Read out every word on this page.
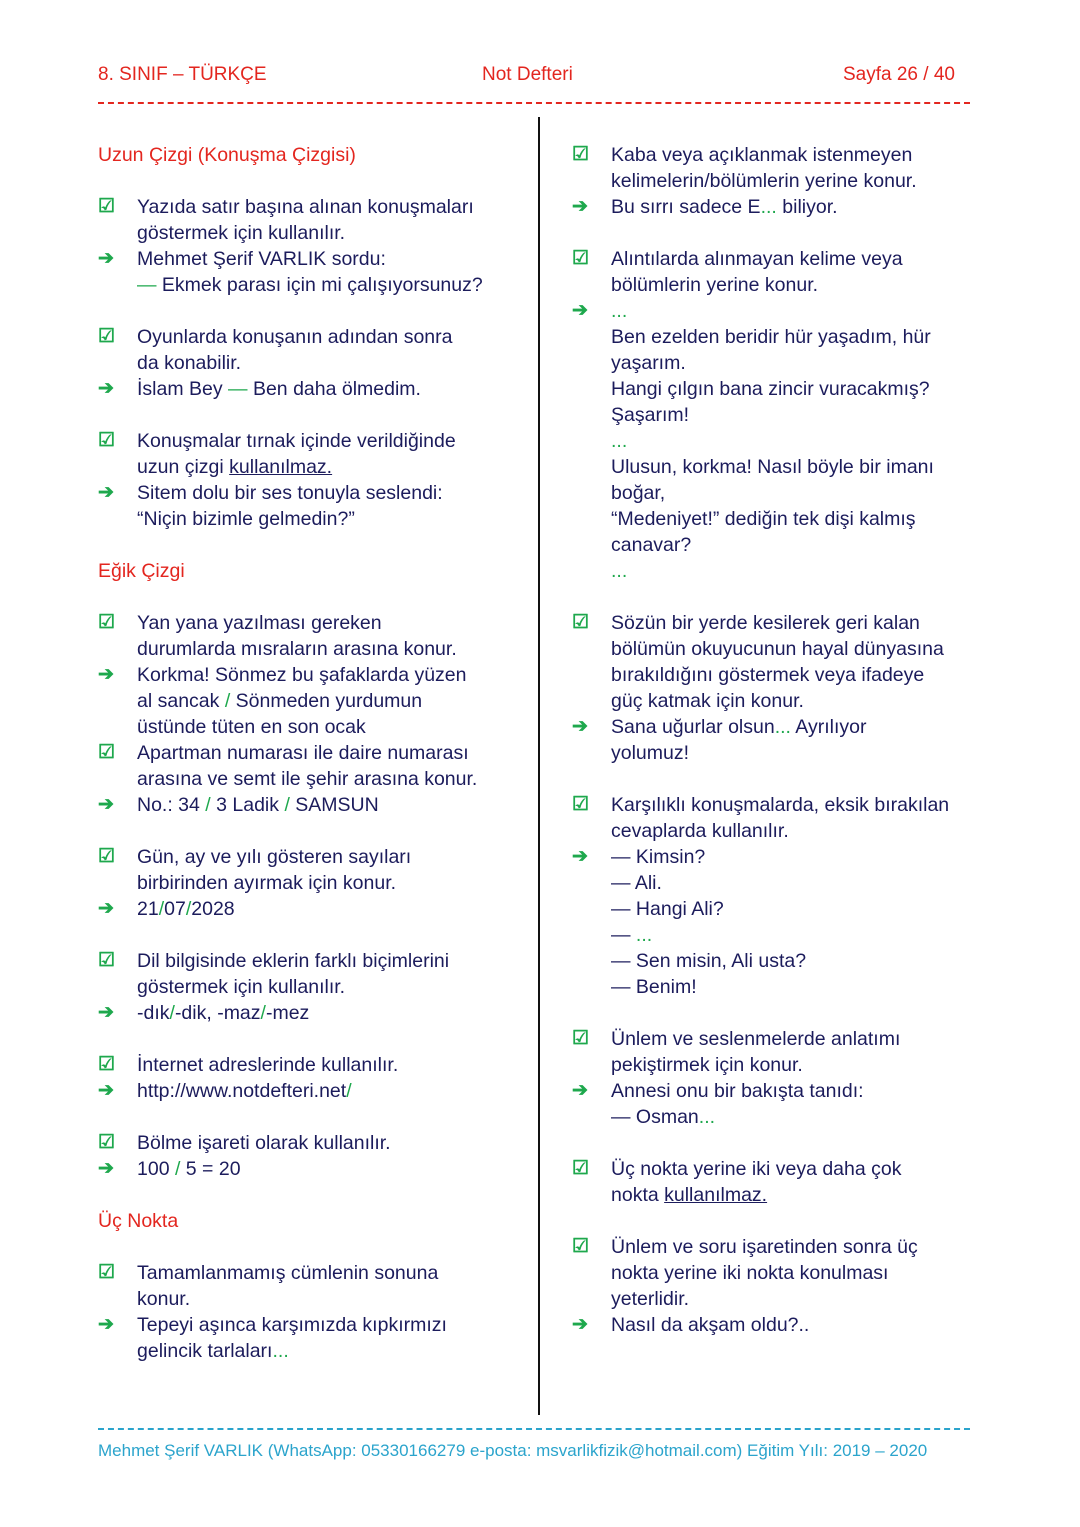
8. SINIF – TÜRKÇE	Not Defteri	Sayfa 26 / 40
Uzun Çizgi (Konuşma Çizgisi)
☑	Yazıda satır başına alınan konuşmaları
göstermek için kullanılır.
➔	Mehmet Şerif VARLIK sordu:
— Ekmek parası için mi çalışıyorsunuz?
☑	Oyunlarda konuşanın adından sonra
da konabilir.
➔	İslam Bey — Ben daha ölmedim.
☑	Konuşmalar tırnak içinde verildiğinde
uzun çizgi kullanılmaz.
➔	Sitem dolu bir ses tonuyla seslendi:
“Niçin bizimle gelmedin?”
Eğik Çizgi
☑	Yan yana yazılması gereken
durumlarda mısraların arasına konur.
➔	Korkma! Sönmez bu şafaklarda yüzen
al sancak / Sönmeden yurdumun
üstünde tüten en son ocak
☑	Apartman numarası ile daire numarası
arasına ve semt ile şehir arasına konur.
➔	No.: 34 / 3 Ladik / SAMSUN
☑	Gün, ay ve yılı gösteren sayıları
birbirinden ayırmak için konur.
➔	21/07/2028
☑	Dil bilgisinde eklerin farklı biçimlerini
göstermek için kullanılır.
➔	-dık/-dik, -maz/-mez
☑	İnternet adreslerinde kullanılır.
➔	http://www.notdefteri.net/
☑	Bölme işareti olarak kullanılır.
➔	100 / 5 = 20
Üç Nokta
☑	Tamamlanmamış cümlenin sonuna
konur.
➔	Tepeyi aşınca karşımızda kıpkırmızı
gelincik tarlaları...
☑	Kaba veya açıklanmak istenmeyen
kelimelerin/bölümlerin yerine konur.
➔	Bu sırrı sadece E... biliyor.
☑	Alıntılarda alınmayan kelime veya
bölümlerin yerine konur.
➔	...
Ben ezelden beridir hür yaşadım, hür
yaşarım.
Hangi çılgın bana zincir vuracakmış?
Şaşarım!
...
Ulusun, korkma! Nasıl böyle bir imanı
boğar,
“Medeniyet!” dediğin tek dişi kalmış
canavar?
...
☑	Sözün bir yerde kesilerek geri kalan
bölümün okuyucunun hayal dünyasına
bırakıldığını göstermek veya ifadeye
güç katmak için konur.
➔	Sana uğurlar olsun... Ayrılıyor
yolumuz!
☑	Karşılıklı konuşmalarda, eksik bırakılan
cevaplarda kullanılır.
➔	— Kimsin?
— Ali.
— Hangi Ali?
— ...
— Sen misin, Ali usta?
— Benim!
☑	Ünlem ve seslenmelerde anlatımı
pekiştirmek için konur.
➔	Annesi onu bir bakışta tanıdı:
— Osman...
☑	Üç nokta yerine iki veya daha çok
nokta kullanılmaz.
☑	Ünlem ve soru işaretinden sonra üç
nokta yerine iki nokta konulması
yeterlidir.
➔	Nasıl da akşam oldu?..
Mehmet Şerif VARLIK (WhatsApp: 05330166279 e-posta: msvarlikfizik@hotmail.com) Eğitim Yılı: 2019 – 2020
